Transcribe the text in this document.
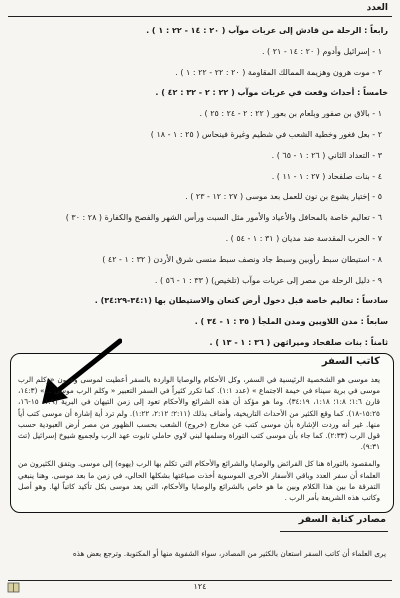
العدد
رابعاً : الرحلة من قادش إلى عربات موآب ( ٢٠ : ١٤ - ٢٢ : ١ ) .
١ - إسرائيل وأدوم ( ٢٠ : ١٤ - ٢١ ) .
٢ - موت هرون وهزيمة الممالك المقاومة ( ٢٠ : ٢٢ - ٢٢ : ١ ) .
خامساً : أحداث وقعت في عربات موآب ( ٢٢ : ٢ - ٣٢ : ٤٢ ) .
١ - بالاق بن صفور وبلعام بن بعور ( ٢٢ : ٢ - ٢٤ : ٢٥ ) .
٢ - بعل فغور وخطية الشعب في شطيم وغيرة فينحاس ( ٢٥ : ١ - ١٨ )
٣ - التعداد الثاني ( ٢٦ : ١ - ٦٥ ) .
٤ - بنات صلفحاد ( ٢٧ : ١ - ١١ ) .
٥ - إختيار يشوع بن نون للعمل بعد موسى ( ٢٧ : ١٢ - ٢٣ ) .
٦ - تعاليم خاصة بالمحافل والأعياد والأمور مثل السبت ورأس الشهر والفصح والكفارة ( ٢٨ : ٣٠ )
٧ - الحرب المقدسة ضد مديان ( ٣١ : ١ - ٥٤ ) .
٨ - استيطان سبط رأوبين وسبط جاد ونصف سبط منسى شرق الأردن ( ٣٢ : ١ - ٤٢ )
٩ - دليل الرحلة من مصر إلى عربات موآب (تلخيص) ( ٣٣ : ١ - ٥٦ ) .
سادساً : تعاليم خاصة قبل دخول أرض كنعان والاستيطان بها (٣٤:١-٣٤:٢٩) .
سابعاً : مدن اللاويين ومدن الملجأ ( ٣٥ : ١ - ٣٤ ) .
ثامناً : بنات صلفحاد وميراثهن ( ٣٦ : ١ - ١٣ ) .
كاتب السفر

يعد موسى هو الشخصية الرئيسية في السفر، وكل الأحكام والوصايا الواردة بالسفر أعطيت لموسى وهرون «وكلم الرب موسى في برية سيناء في خيمة الاجتماع » (عدد ١:١). كما تكرر كثيراً في السفر التعبير « وكلم الرب موسى ...» (١٤:٣، قارن ١:٦؛ ١:٨؛ ١:١٨، ٣٤:١٩). وما هو مؤكد أن هذه الشرائع والأحكام تعود إلى زمن التيهان في البرية (١:٩، ١٥-١٦، ١٥:٢٥-١٨). كما وقع الكثير من الأحداث التاريخية، وأضاف بذلك (٢:١١؛ ٢:١٢، ١:٢٢). ولم ترد أية إشارة أن موسى كتب أياً منها. غير أنه وردت الإشارة بأن موسى كتب عن مخارج (خروج) الشعب بحسب الظهور من مصر أرض العبودية حسب قول الرب (٢:٣٣). كما جاء بأن موسى كتب التوراة وسلمها لبني لاوي حاملي تابوت عهد الرب ولجميع شيوخ إسرائيل (تث ٩:٣١).

والمقصود بالتوراة هنا كل الفرائض والوصايا والشرائع والأحكام التي تكلم بها الرب (يهوه) إلى موسى. ويتفق الكثيرون من العلماء أن سفر العدد وباقي الأسفار الأخرى الموسوية أخذت صياغتها بشكلها الحالي، في زمن ما بعد موسى. وهنا ينبغي التفرقة ما بين هذا الكلام وبين ما هو خاص بالشرائع والوصايا والأحكام، التي يعد موسى بكل تأكيد كاتباً لها. وهو أصل وكاتب هذه الشريعة بأمر الرب .

مصادر كتابة السفر
يرى العلماء أن كاتب السفر استعان بالكثير من المصادر، سواء الشفوية منها أو المكتوبة. وترجع بعض هذه
١٢٤
